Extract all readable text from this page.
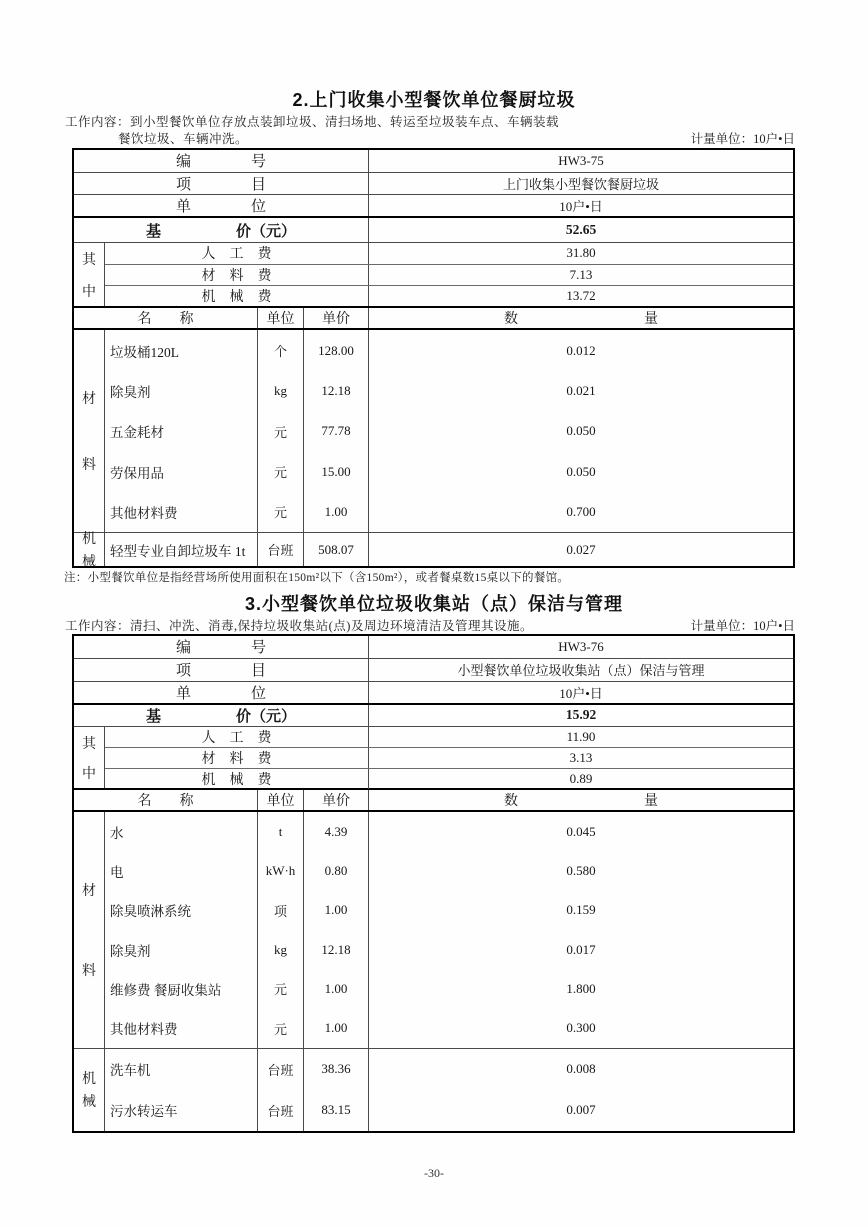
2.上门收集小型餐饮单位餐厨垃圾
工作内容：到小型餐饮单位存放点装卸垃圾、清扫场地、转运至垃圾装车点、车辆装载
餐饮垃圾、车辆冲洗。	计量单位：10户•日
编　　　　号	HW3-75
项　　　　目	上门收集小型餐饮餐厨垃圾
单　　　　位	10户•日
基　　　　　价（元）	52.65
其
中
人　工　费	31.80
材　料　费	7.13
机　械　费	13.72
名　　称	单位	单价	数　　　　　　　　　量
材
料
垃圾桶120L	个	128.00	0.012
除臭剂	kg	12.18	0.021
五金耗材	元	77.78	0.050
劳保用品	元	15.00	0.050
其他材料费	元	1.00	0.700
机
械
轻型专业自卸垃圾车 1t	台班	508.07	0.027
注：小型餐饮单位是指经营场所使用面积在150m²以下（含150m²），或者餐桌数15桌以下的餐馆。
3.小型餐饮单位垃圾收集站（点）保洁与管理
工作内容：清扫、冲洗、消毒,保持垃圾收集站(点)及周边环境清洁及管理其设施。	计量单位：10户•日
编　　　　号	HW3-76
项　　　　目	小型餐饮单位垃圾收集站（点）保洁与管理
单　　　　位	10户•日
基　　　　　价（元）	15.92
其
中
人　工　费	11.90
材　料　费	3.13
机　械　费	0.89
名　　称	单位	单价	数　　　　　　　　　量
材
料
水	t	4.39	0.045
电	kW·h	0.80	0.580
除臭喷淋系统	项	1.00	0.159
除臭剂	kg	12.18	0.017
维修费 餐厨收集站	元	1.00	1.800
其他材料费	元	1.00	0.300
机
械
洗车机	台班	38.36	0.008
污水转运车	台班	83.15	0.007
-30-
